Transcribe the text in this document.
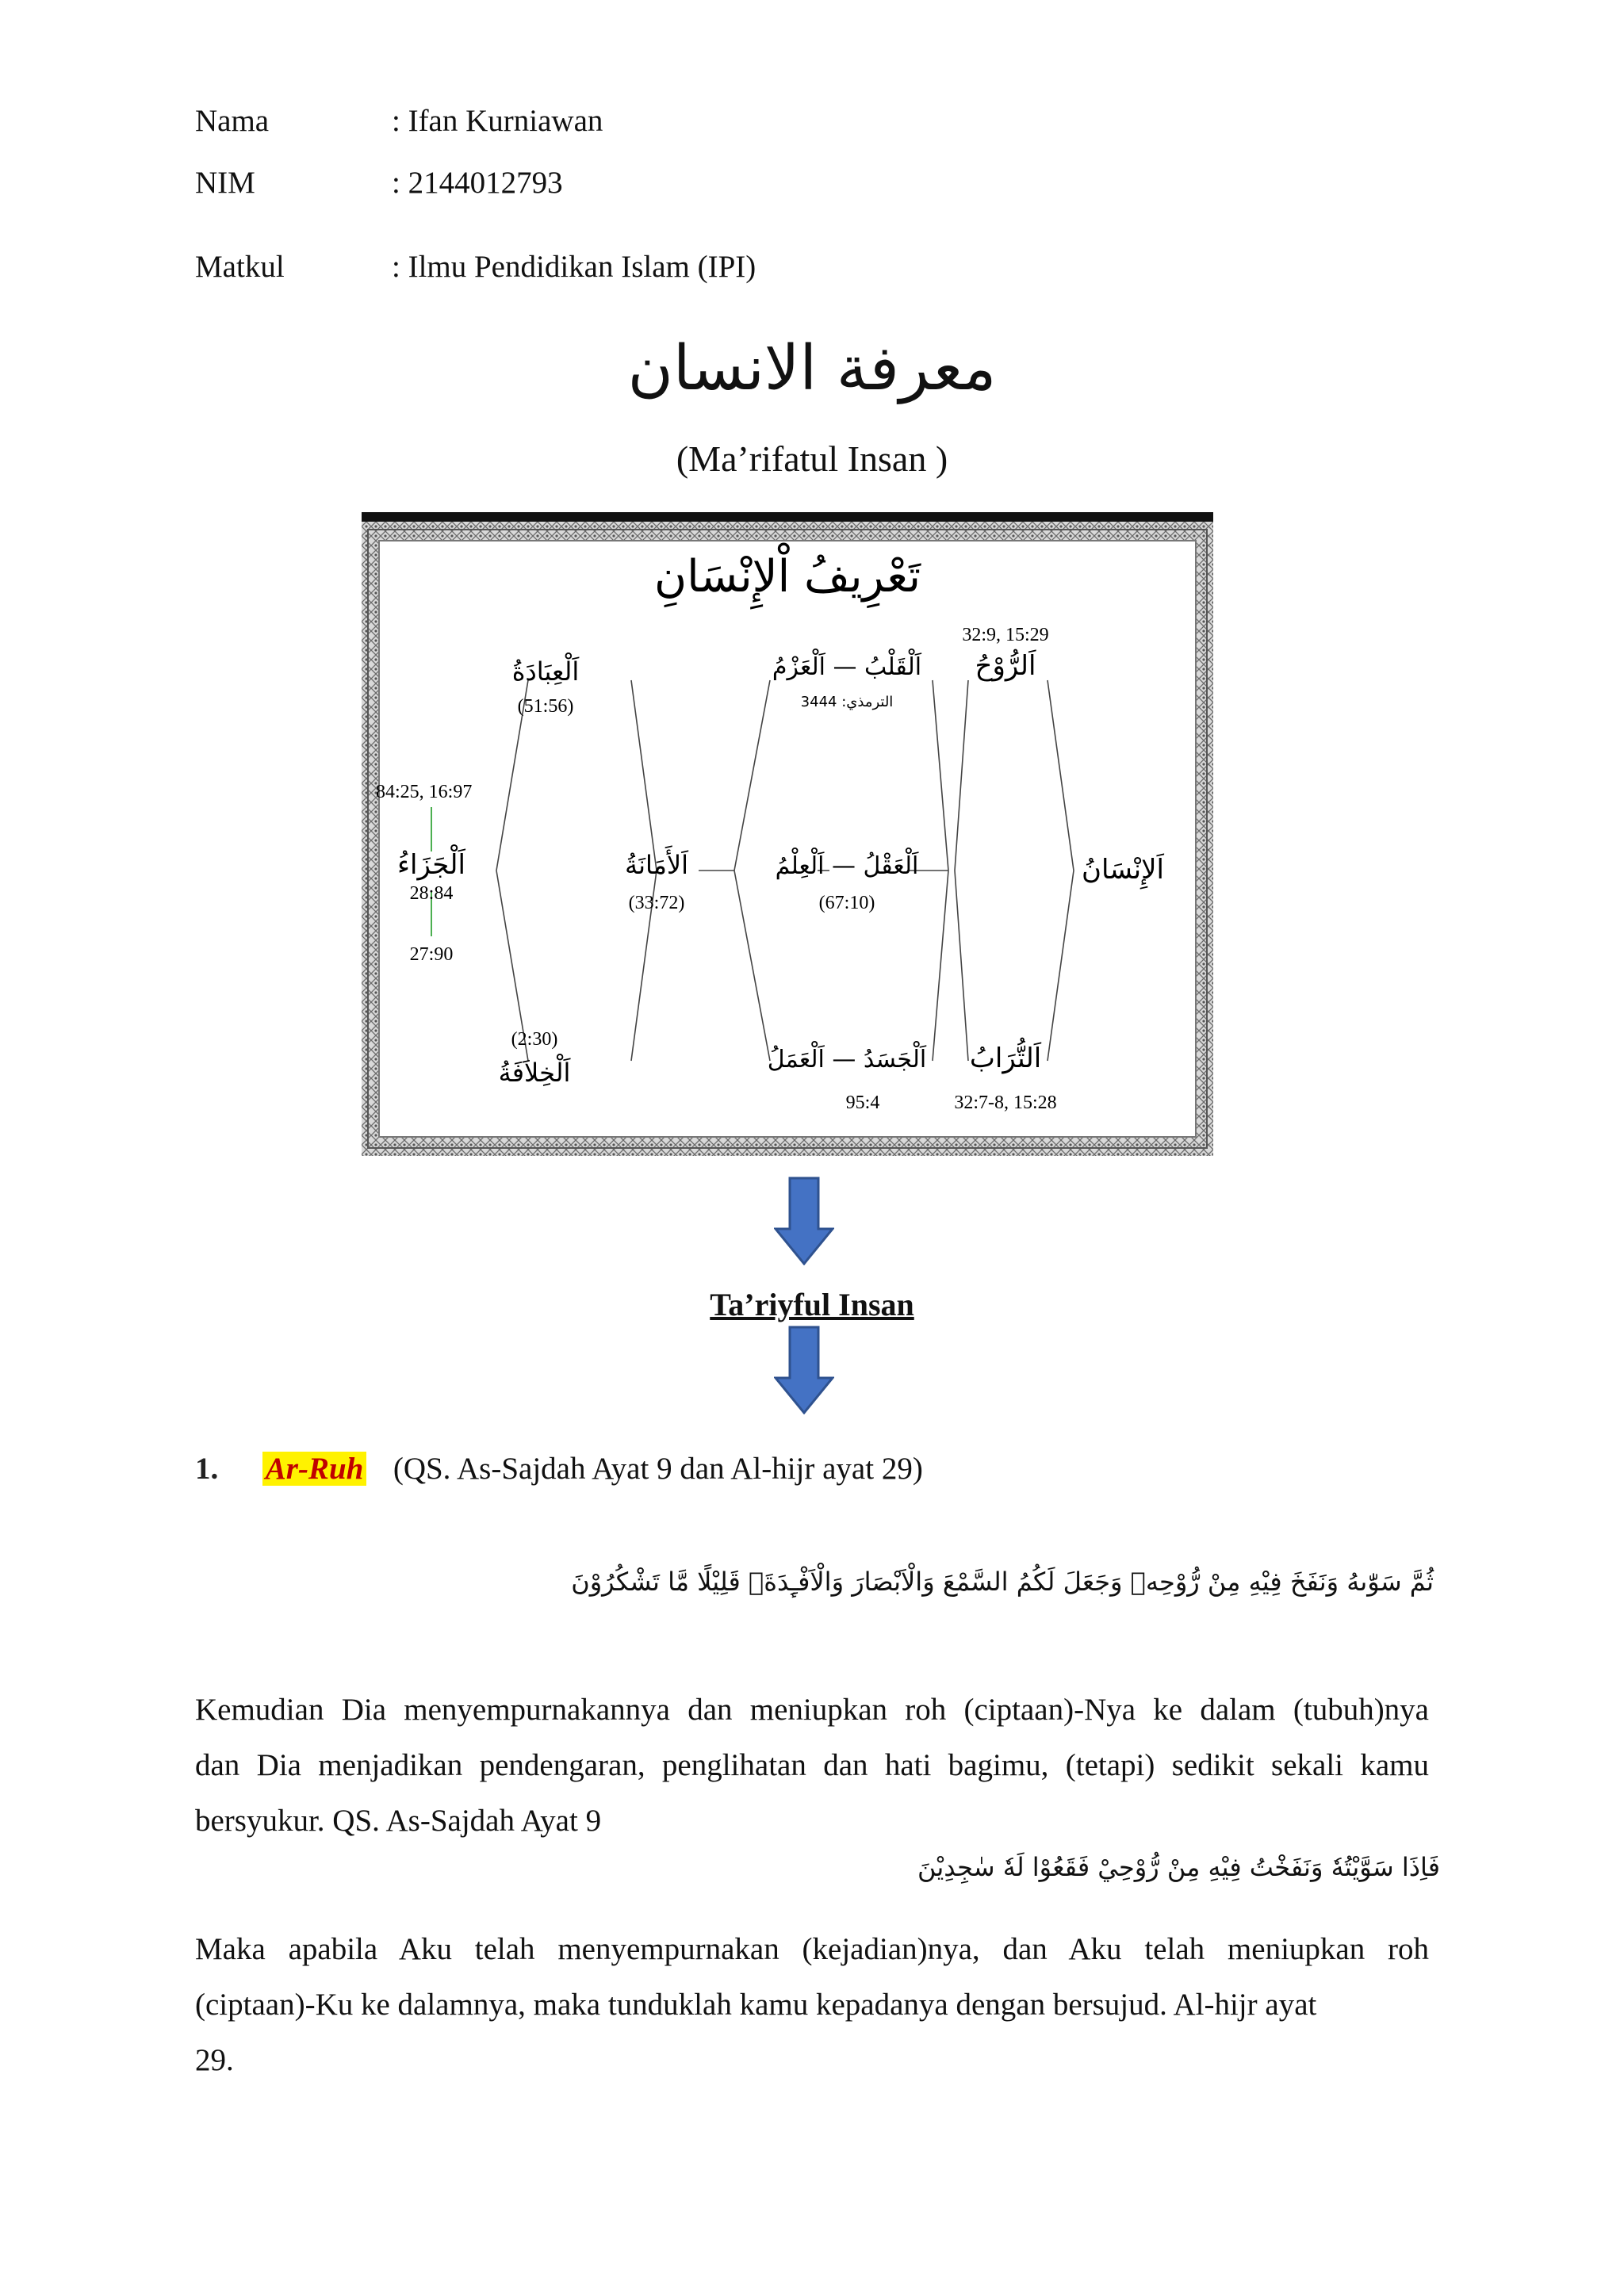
Nama	: Ifan Kurniawan
NIM	: 2144012793
Matkul	: Ilmu Pendidikan Islam (IPI)
معرفة الانسان
(Ma’rifatul Insan )
تَعْرِيفُ اْلإِنْسَانِ
32:9, 15:29
اَلرُّوْحُ
اَلْقَلْبُ — اَلْعَزْمُ
الترمذي: 3444
اَلْعِبَادَةُ
(51:56)
84:25, 16:97
اَلْجَزَاءُ
28:84
27:90
اَلأَمَانَةُ
(33:72)
اَلْعَقْلُ — اَلْعِلْمُ
(67:10)
اَلإِنْسَانُ
(2:30)
اَلْخِلاَفَةُ	اَلْجَسَدُ — اَلْعَمَلُ
95:4
اَلتُّرَابُ
32:7-8, 15:28
Ta’riyful Insan
1. Ar-Ruh (QS. As-Sajdah Ayat 9 dan Al-hijr ayat 29)
ثُمَّ سَوّٰىهُ وَنَفَخَ فِيْهِ مِنْ رُّوْحِهٖ وَجَعَلَ لَكُمُ السَّمْعَ وَالْاَبْصَارَ وَالْاَفْـِٕدَةَۗ قَلِيْلًا مَّا تَشْكُرُوْنَ
Kemudian Dia menyempurnakannya dan meniupkan roh (ciptaan)-Nya ke dalam (tubuh)nya
dan Dia menjadikan pendengaran, penglihatan dan hati bagimu, (tetapi) sedikit sekali kamu
bersyukur. QS. As-Sajdah Ayat 9
فَاِذَا سَوَّيْتُهٗ وَنَفَخْتُ فِيْهِ مِنْ رُّوْحِيْ فَقَعُوْا لَهٗ سٰجِدِيْنَ
Maka apabila Aku telah menyempurnakan (kejadian)nya, dan Aku telah meniupkan roh
(ciptaan)-Ku ke dalamnya, maka tunduklah kamu kepadanya dengan bersujud. Al-hijr ayat
29.
